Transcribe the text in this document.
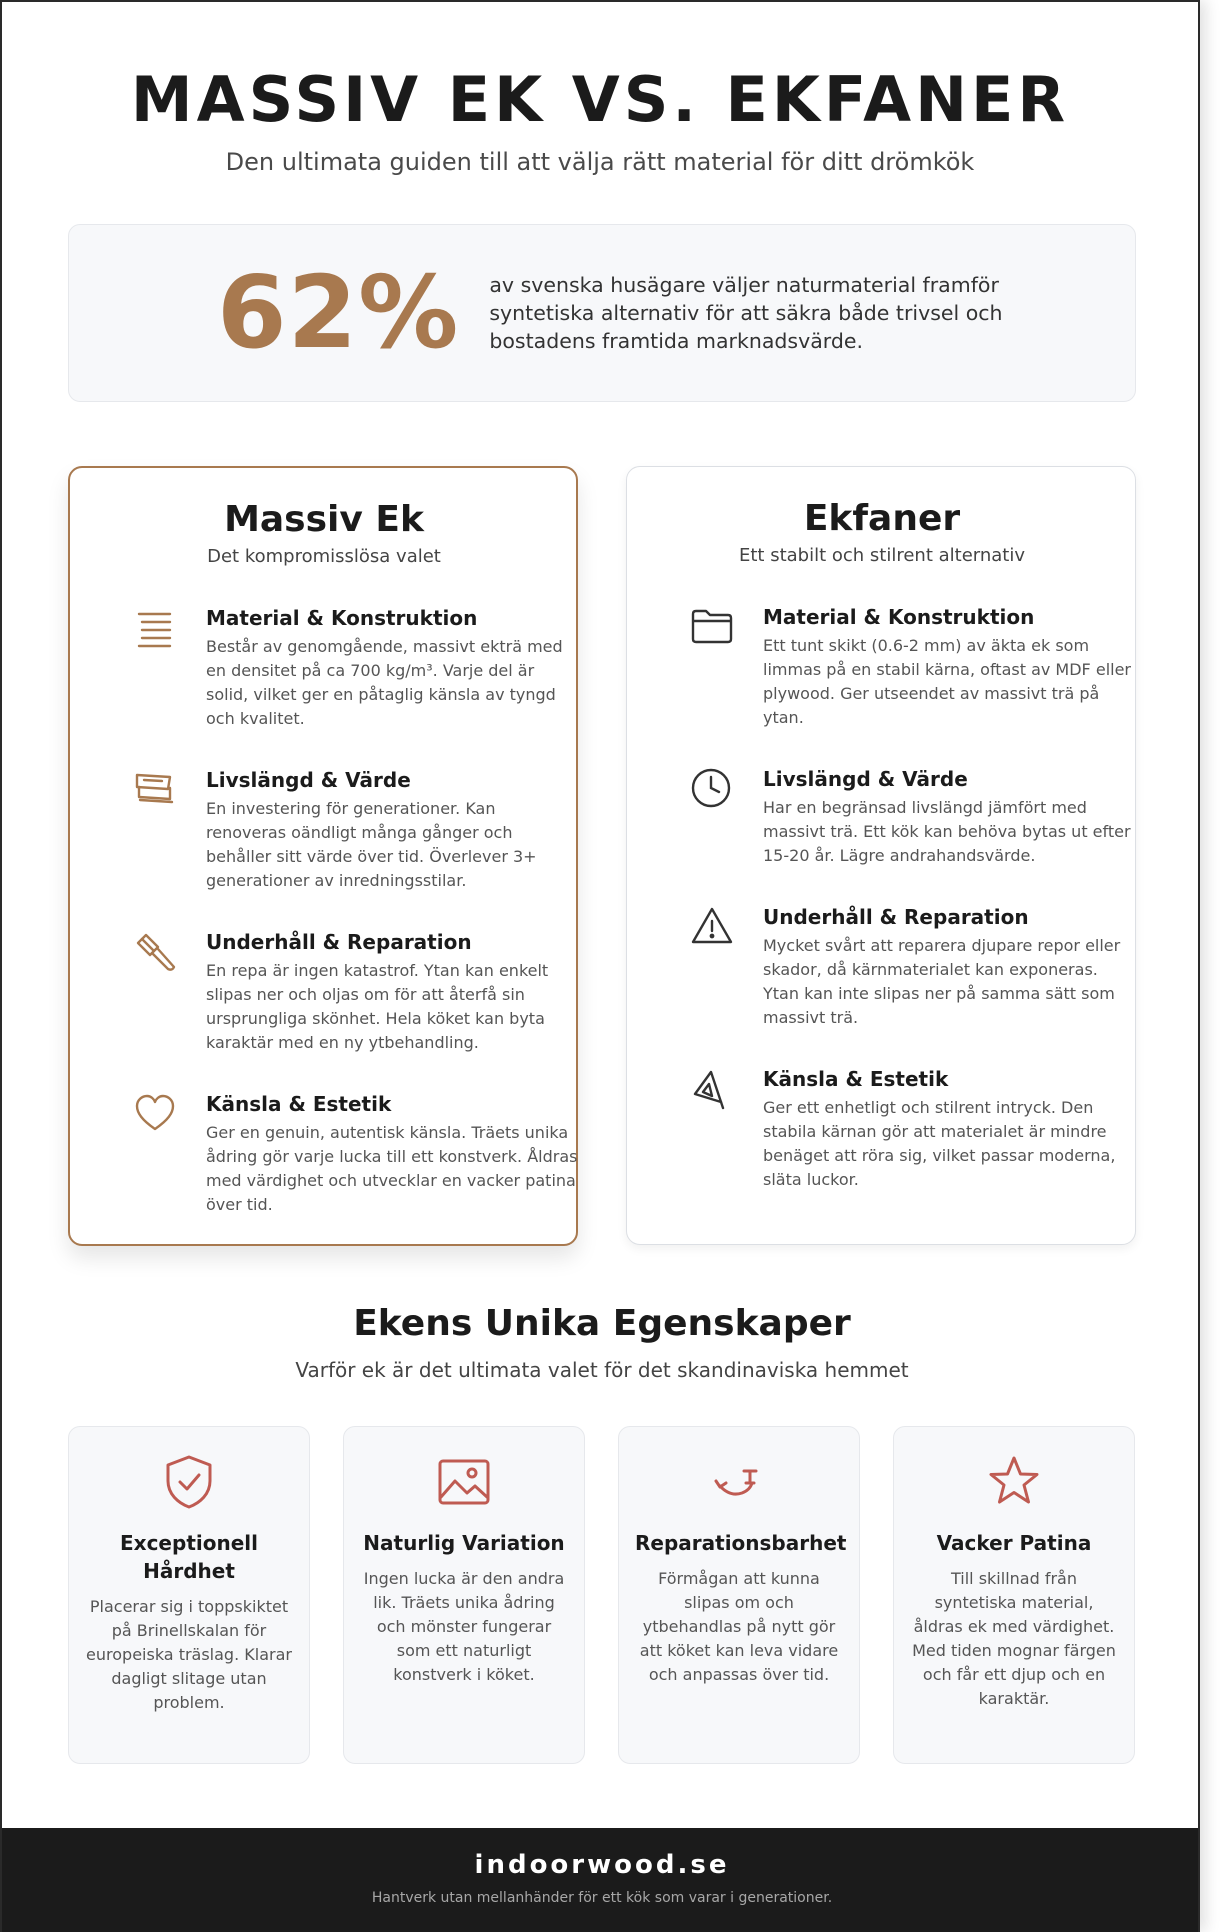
MASSIV EK VS. EKFANER

Den ultimata guiden till att välja rätt material för ditt drömkök

62% av svenska husägare väljer naturmaterial framför syntetiska alternativ för att säkra både trivsel och bostadens framtida marknadsvärde.

Massiv Ek

Det kompromisslösa valet

Material & Konstruktion

Består av genomgående, massivt ekträ med en densitet på ca 700 kg/m³. Varje del är solid, vilket ger en påtaglig känsla av tyngd och kvalitet.

Livslängd & Värde

En investering för generationer. Kan renoveras oändligt många gånger och behåller sitt värde över tid. Överlever 3+ generationer av inredningsstilar.

Underhåll & Reparation

En repa är ingen katastrof. Ytan kan enkelt slipas ner och oljas om för att återfå sin ursprungliga skönhet. Hela köket kan byta karaktär med en ny ytbehandling.

Känsla & Estetik

Ger en genuin, autentisk känsla. Träets unika ådring gör varje lucka till ett konstverk. Åldras med värdighet och utvecklar en vacker patina över tid.

Ekfaner

Ett stabilt och stilrent alternativ

Material & Konstruktion

Ett tunt skikt (0.6-2 mm) av äkta ek som limmas på en stabil kärna, oftast av MDF eller plywood. Ger utseendet av massivt trä på ytan.

Livslängd & Värde

Har en begränsad livslängd jämfört med massivt trä. Ett kök kan behöva bytas ut efter 15-20 år. Lägre andrahandsvärde.

Underhåll & Reparation

Mycket svårt att reparera djupare repor eller skador, då kärnmaterialet kan exponeras. Ytan kan inte slipas ner på samma sätt som massivt trä.

Känsla & Estetik

Ger ett enhetligt och stilrent intryck. Den stabila kärnan gör att materialet är mindre benäget att röra sig, vilket passar moderna, släta luckor.

Ekens Unika Egenskaper

Varför ek är det ultimata valet för det skandinaviska hemmet

Exceptionell Hårdhet

Placerar sig i toppskiktet på Brinellskalan för europeiska träslag. Klarar dagligt slitage utan problem.

Naturlig Variation

Ingen lucka är den andra lik. Träets unika ådring och mönster fungerar som ett naturligt konstverk i köket.

Reparationsbarhet

Förmågan att kunna slipas om och ytbehandlas på nytt gör att köket kan leva vidare och anpassas över tid.

Vacker Patina

Till skillnad från syntetiska material, åldras ek med värdighet. Med tiden mognar färgen och får ett djup och en karaktär.

indoorwood.se

Hantverk utan mellanhänder för ett kök som varar i generationer.
